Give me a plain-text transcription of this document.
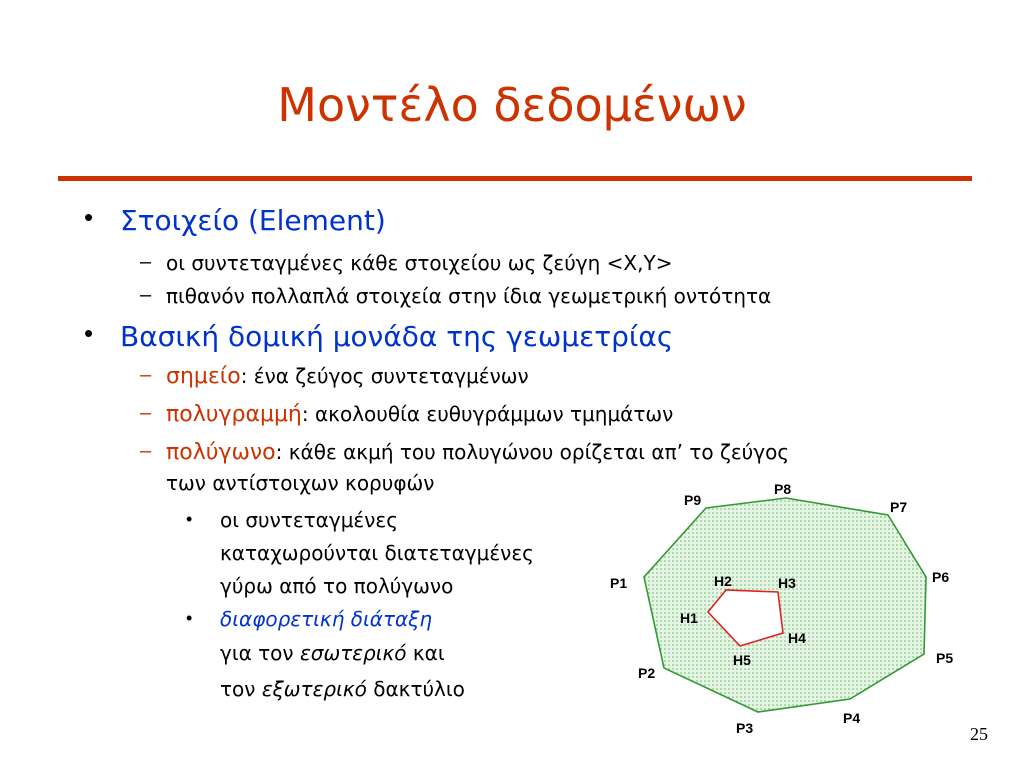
Μοντέλο δεδομένων
• Στοιχείο (Element)
– οι συντεταγμένες κάθε στοιχείου ως ζεύγη <X,Y>
– πιθανόν πολλαπλά στοιχεία στην ίδια γεωμετρική οντότητα
• Βασική δομική μονάδα της γεωμετρίας
– σημείο: ένα ζεύγος συντεταγμένων
– πολυγραμμή: ακολουθία ευθυγράμμων τμημάτων
– πολύγωνο: κάθε ακμή του πολυγώνου ορίζεται απ’ το ζεύγος
των αντίστοιχων κορυφών
• οι συντεταγμένες
καταχωρούνται διατεταγμένες
γύρω από το πολύγωνο
• διαφορετική διάταξη
για τον εσωτερικό και
τον εξωτερικό δακτύλιο
P1
P2
P3
P4
P5
P6
P7
P8
P9
H1
H2	H3
H4
H5
25
